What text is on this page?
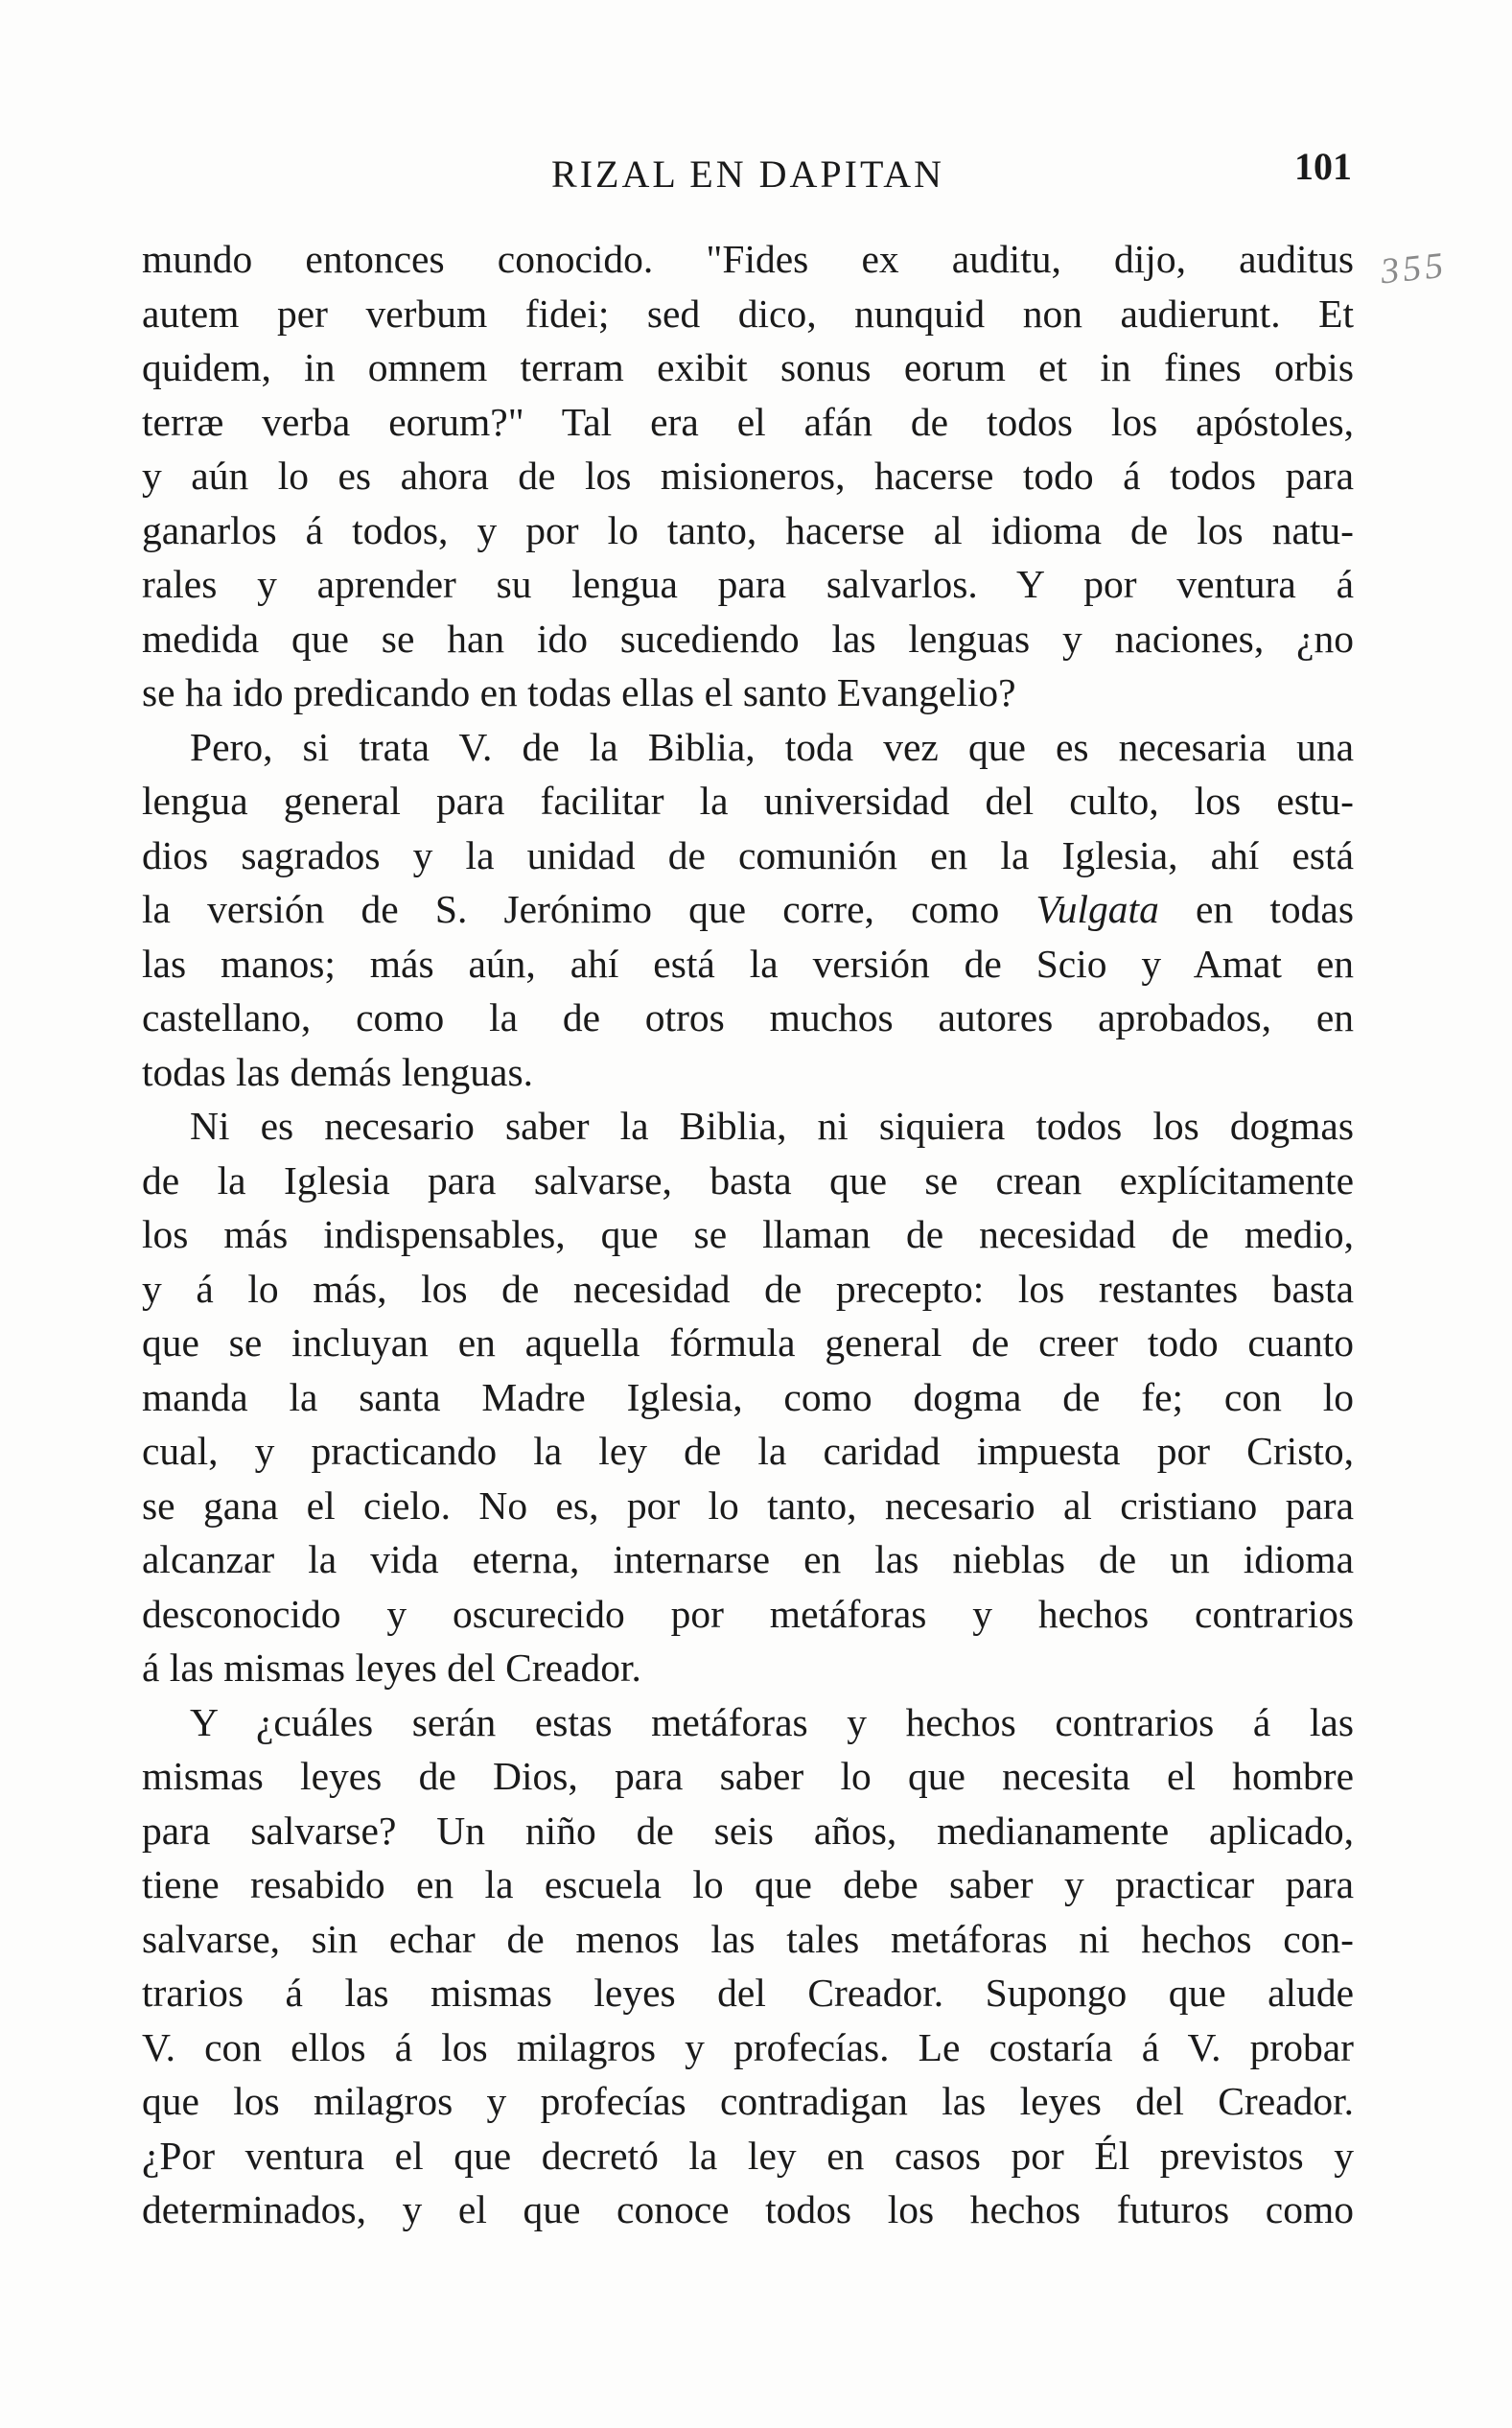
RIZAL EN DAPITAN	101
355
mundo entonces conocido. "Fides ex auditu, dijo, auditus
autem per verbum fidei; sed dico, nunquid non audierunt. Et
quidem, in omnem terram exibit sonus eorum et in fines orbis
terræ verba eorum?" Tal era el afán de todos los apóstoles,
y aún lo es ahora de los misioneros, hacerse todo á todos para
ganarlos á todos, y por lo tanto, hacerse al idioma de los natu-
rales y aprender su lengua para salvarlos. Y por ventura á
medida que se han ido sucediendo las lenguas y naciones, ¿no
se ha ido predicando en todas ellas el santo Evangelio?
Pero, si trata V. de la Biblia, toda vez que es necesaria una
lengua general para facilitar la universidad del culto, los estu-
dios sagrados y la unidad de comunión en la Iglesia, ahí está
la versión de S. Jerónimo que corre, como Vulgata en todas
las manos; más aún, ahí está la versión de Scio y Amat en
castellano, como la de otros muchos autores aprobados, en
todas las demás lenguas.
Ni es necesario saber la Biblia, ni siquiera todos los dogmas
de la Iglesia para salvarse, basta que se crean explícitamente
los más indispensables, que se llaman de necesidad de medio,
y á lo más, los de necesidad de precepto: los restantes basta
que se incluyan en aquella fórmula general de creer todo cuanto
manda la santa Madre Iglesia, como dogma de fe; con lo
cual, y practicando la ley de la caridad impuesta por Cristo,
se gana el cielo. No es, por lo tanto, necesario al cristiano para
alcanzar la vida eterna, internarse en las nieblas de un idioma
desconocido y oscurecido por metáforas y hechos contrarios
á las mismas leyes del Creador.
Y ¿cuáles serán estas metáforas y hechos contrarios á las
mismas leyes de Dios, para saber lo que necesita el hombre
para salvarse? Un niño de seis años, medianamente aplicado,
tiene resabido en la escuela lo que debe saber y practicar para
salvarse, sin echar de menos las tales metáforas ni hechos con-
trarios á las mismas leyes del Creador. Supongo que alude
V. con ellos á los milagros y profecías. Le costaría á V. probar
que los milagros y profecías contradigan las leyes del Creador.
¿Por ventura el que decretó la ley en casos por Él previstos y
determinados, y el que conoce todos los hechos futuros como
